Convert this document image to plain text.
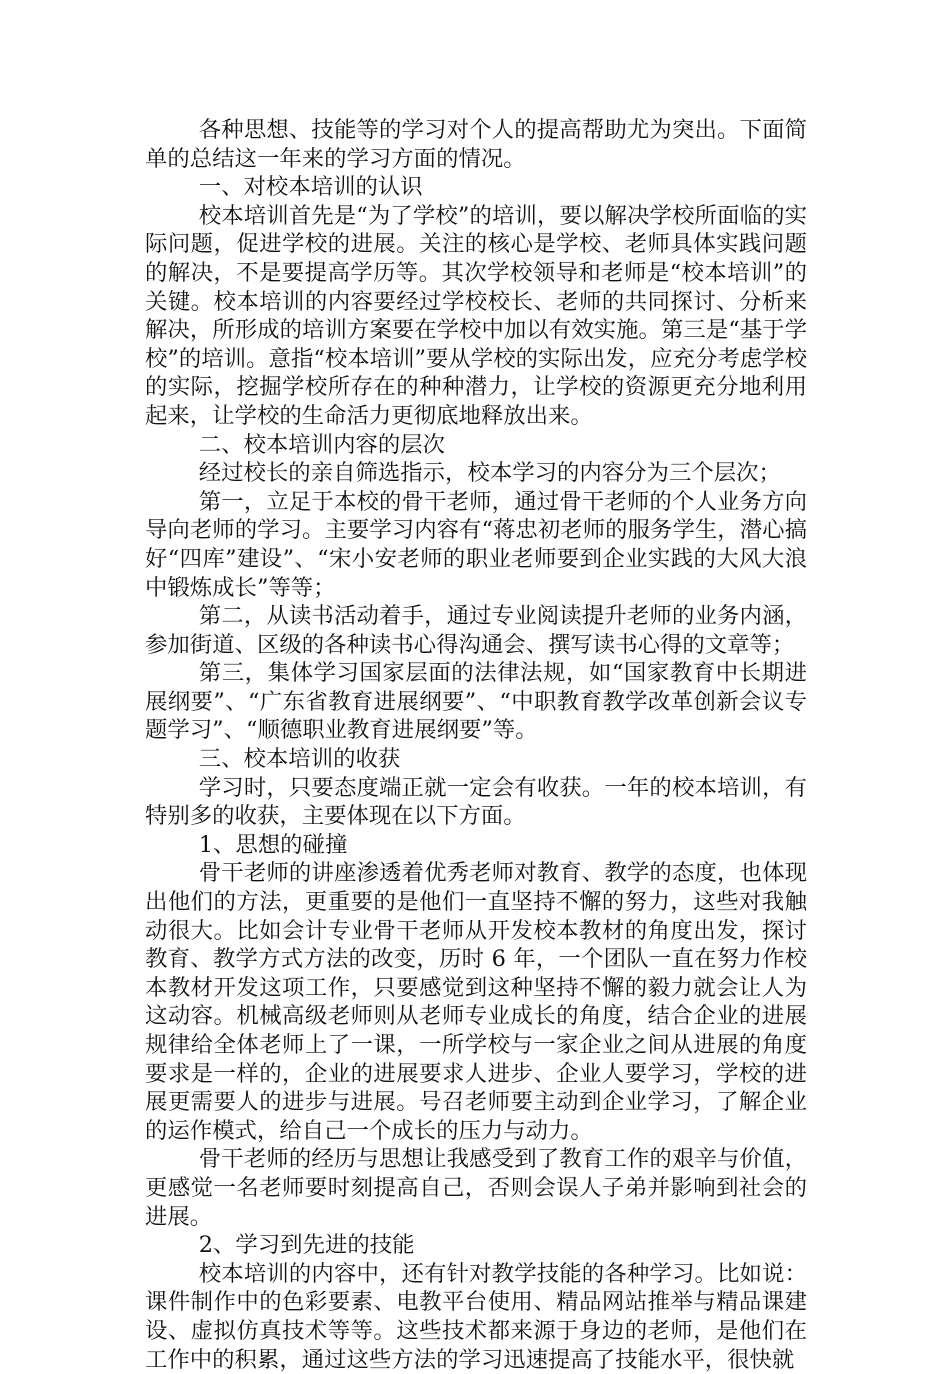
各种思想、技能等的学习对个人的提高帮助尤为突出。下面简单的总结这一年来的学习方面的情况。

一、对校本培训的认识

校本培训首先是“为了学校”的培训，要以解决学校所面临的实际问题，促进学校的进展。关注的核心是学校、老师具体实践问题的解决，不是要提高学历等。其次学校领导和老师是“校本培训”的关键。校本培训的内容要经过学校校长、老师的共同探讨、分析来解决，所形成的培训方案要在学校中加以有效实施。第三是“基于学校”的培训。意指“校本培训”要从学校的实际出发，应充分考虑学校的实际，挖掘学校所存在的种种潜力，让学校的资源更充分地利用起来，让学校的生命活力更彻底地释放出来。

二、校本培训内容的层次

经过校长的亲自筛选指示，校本学习的内容分为三个层次；

第一，立足于本校的骨干老师，通过骨干老师的个人业务方向导向老师的学习。主要学习内容有“蒋忠初老师的服务学生，潜心搞好“四库”建设”、“宋小安老师的职业老师要到企业实践的大风大浪中锻炼成长”等等；

第二，从读书活动着手，通过专业阅读提升老师的业务内涵，参加街道、区级的各种读书心得沟通会、撰写读书心得的文章等；

第三，集体学习国家层面的法律法规，如“国家教育中长期进展纲要”、“广东省教育进展纲要”、“中职教育教学改革创新会议专题学习”、“顺德职业教育进展纲要”等。

三、校本培训的收获

学习时，只要态度端正就一定会有收获。一年的校本培训，有特别多的收获，主要体现在以下方面。

1、思想的碰撞

骨干老师的讲座渗透着优秀老师对教育、教学的态度，也体现出他们的方法，更重要的是他们一直坚持不懈的努力，这些对我触动很大。比如会计专业骨干老师从开发校本教材的角度出发，探讨教育、教学方式方法的改变，历时 6 年，一个团队一直在努力作校本教材开发这项工作，只要感觉到这种坚持不懈的毅力就会让人为这动容。机械高级老师则从老师专业成长的角度，结合企业的进展规律给全体老师上了一课，一所学校与一家企业之间从进展的角度要求是一样的，企业的进展要求人进步、企业人要学习，学校的进展更需要人的进步与进展。号召老师要主动到企业学习，了解企业的运作模式，给自己一个成长的压力与动力。

骨干老师的经历与思想让我感受到了教育工作的艰辛与价值，更感觉一名老师要时刻提高自己，否则会误人子弟并影响到社会的进展。

2、学习到先进的技能

校本培训的内容中，还有针对教学技能的各种学习。比如说：课件制作中的色彩要素、电教平台使用、精品网站推举与精品课建设、虚拟仿真技术等等。这些技术都来源于身边的老师，是他们在工作中的积累，通过这些方法的学习迅速提高了技能水平，很快就
